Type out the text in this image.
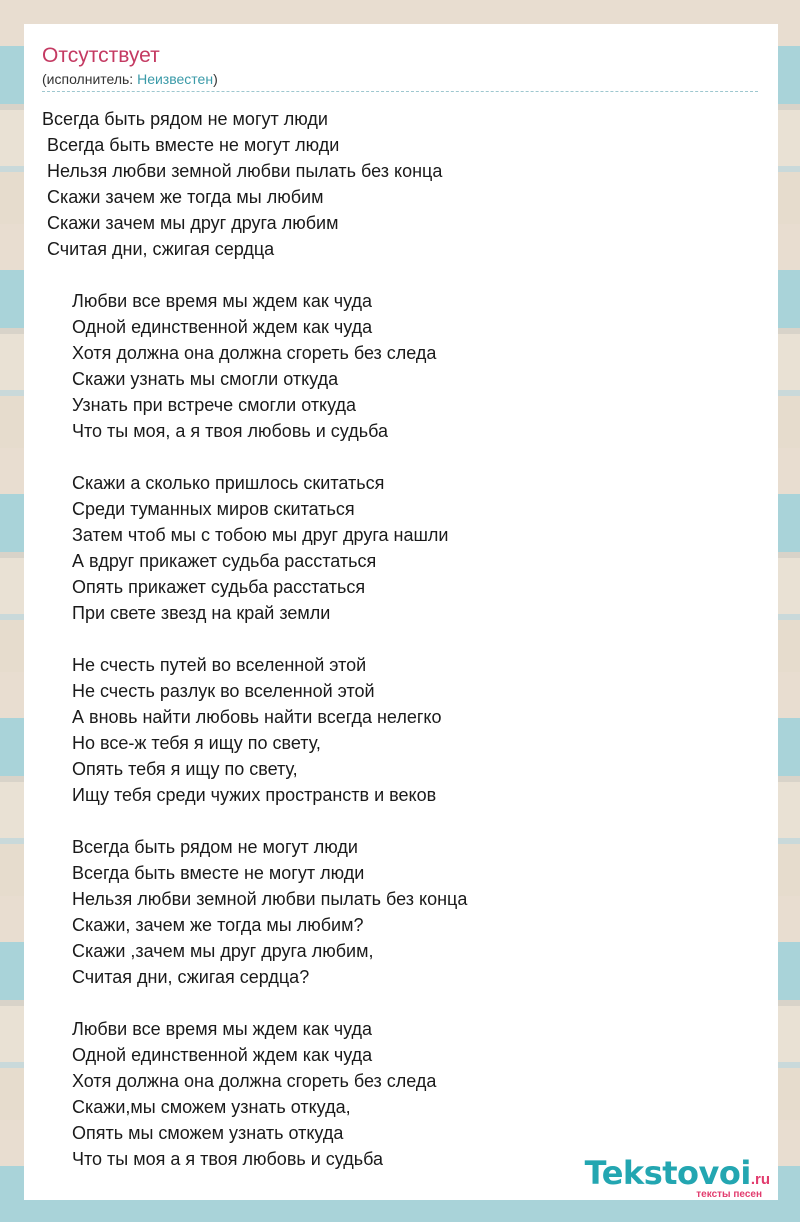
Отсутствует
(исполнитель: Неизвестен)
Всегда быть рядом не могут люди
Всегда быть вместе не могут люди
Нельзя любви земной любви пылать без конца
Скажи зачем же тогда мы любим
Скажи зачем мы друг друга любим
Считая дни, сжигая сердца
Любви все время мы ждем как чуда
Одной единственной ждем как чуда
Хотя должна она должна сгореть без следа
Скажи узнать мы смогли откуда
Узнать при встрече смогли откуда
Что ты моя, а я твоя любовь и судьба
Скажи а сколько пришлось скитаться
Среди туманных миров скитаться
Затем чтоб мы с тобою мы друг друга нашли
А вдруг прикажет судьба расстаться
Опять прикажет судьба расстаться
При свете звезд на край земли
Не счесть путей во вселенной этой
Не счесть разлук во вселенной этой
А вновь найти любовь найти всегда нелегко
Но все-ж тебя я ищу по свету,
Опять тебя я ищу по свету,
Ищу тебя среди чужих пространств и веков
Всегда быть рядом не могут люди
Всегда быть вместе не могут люди
Нельзя любви земной любви пылать без конца
Скажи, зачем же тогда мы любим?
Скажи ,зачем мы друг друга любим,
Считая дни, сжигая сердца?
Любви все время мы ждем как чуда
Одной единственной ждем как чуда
Хотя должна она должна сгореть без следа
Скажи,мы сможем узнать откуда,
Опять мы сможем узнать откуда
Что ты моя а я твоя любовь и судьба	Tekstovoi.ru
тексты песен
